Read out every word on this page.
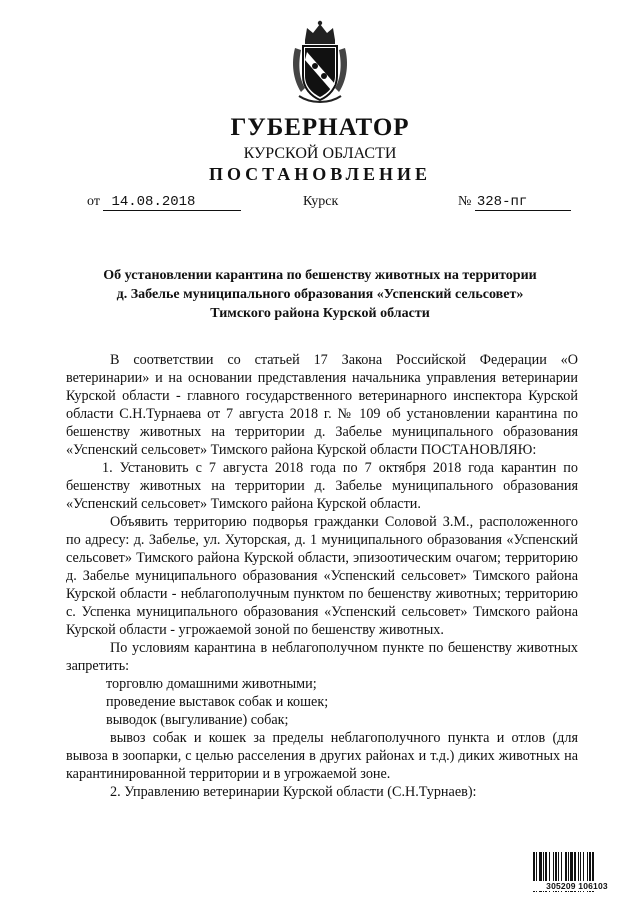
ГУБЕРНАТОР
КУРСКОЙ ОБЛАСТИ
ПОСТАНОВЛЕНИЕ
от 14.08.2018	Курск	№ 328-пг
Об установлении карантина по бешенству животных на территории
д. Забелье муниципального образования «Успенский сельсовет»
Тимского района Курской области

В соответствии со статьей 17 Закона Российской Федерации «О ветеринарии» и на основании представления начальника управления ветеринарии Курской области - главного государственного ветеринарного инспектора Курской области С.Н.Турнаева от 7 августа 2018 г. № 109 об установлении карантина по бешенству животных на территории д. Забелье муниципального образования «Успенский сельсовет» Тимского района Курской области ПОСТАНОВЛЯЮ:

1. Установить с 7 августа 2018 года по 7 октября 2018 года карантин по бешенству животных на территории д. Забелье муниципального образования «Успенский сельсовет» Тимского района Курской области.

Объявить территорию подворья гражданки Соловой З.М., расположенного по адресу: д. Забелье, ул. Хуторская, д. 1 муниципального образования «Успенский сельсовет» Тимского района Курской области, эпизоотическим очагом; территорию д. Забелье муниципального образования «Успенский сельсовет» Тимского района Курской области - неблагополучным пунктом по бешенству животных; территорию с. Успенка муниципального образования «Успенский сельсовет» Тимского района Курской области - угрожаемой зоной по бешенству животных.

По условиям карантина в неблагополучном пункте по бешенству животных запретить:

торговлю домашними животными;

проведение выставок собак и кошек;

выводок (выгуливание) собак;

вывоз собак и кошек за пределы неблагополучного пункта и отлов (для вывоза в зоопарки, с целью расселения в других районах и т.д.) диких животных на карантинированной территории и в угрожаемой зоне.

2. Управлению ветеринарии Курской области (С.Н.Турнаев):

305209 106103
